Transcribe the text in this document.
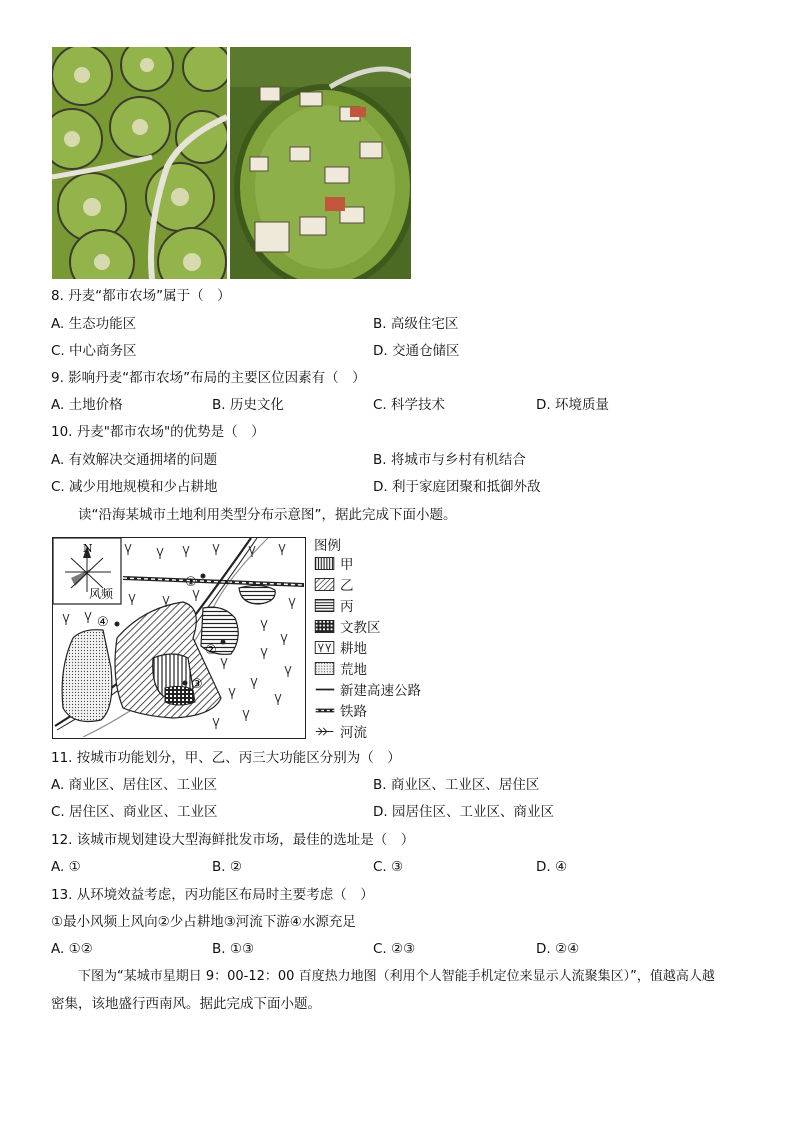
8. 丹麦“都市农场”属于（　）
A. 生态功能区	B. 高级住宅区
C. 中心商务区	D. 交通仓储区
9. 影响丹麦“都市农场”布局的主要区位因素有（　）
A. 土地价格	B. 历史文化	C. 科学技术	D. 环境质量
10. 丹麦"都市农场"的优势是（　）
A. 有效解决交通拥堵的问题	B. 将城市与乡村有机结合
C. 减少用地规模和少占耕地	D. 利于家庭团聚和抵御外敌
读“沿海某城市土地利用类型分布示意图”，据此完成下面小题。
N
风频
①
②
③
④
图例
甲
乙
丙
文教区
耕地
荒地
新建高速公路
铁路
河流
11. 按城市功能划分，甲、乙、丙三大功能区分别为（　）
A. 商业区、居住区、工业区	B. 商业区、工业区、居住区
C. 居住区、商业区、工业区	D. 园居住区、工业区、商业区
12. 该城市规划建设大型海鲜批发市场，最佳的选址是（　）
A. ①	B. ②	C. ③	D. ④
13. 从环境效益考虑，丙功能区布局时主要考虑（　）
①最小风频上风向②少占耕地③河流下游④水源充足
A. ①②	B. ①③	C. ②③	D. ②④
下图为“某城市星期日 9：00-12：00 百度热力地图（利用个人智能手机定位来显示人流聚集区）”，值越高人越
密集，该地盛行西南风。据此完成下面小题。
